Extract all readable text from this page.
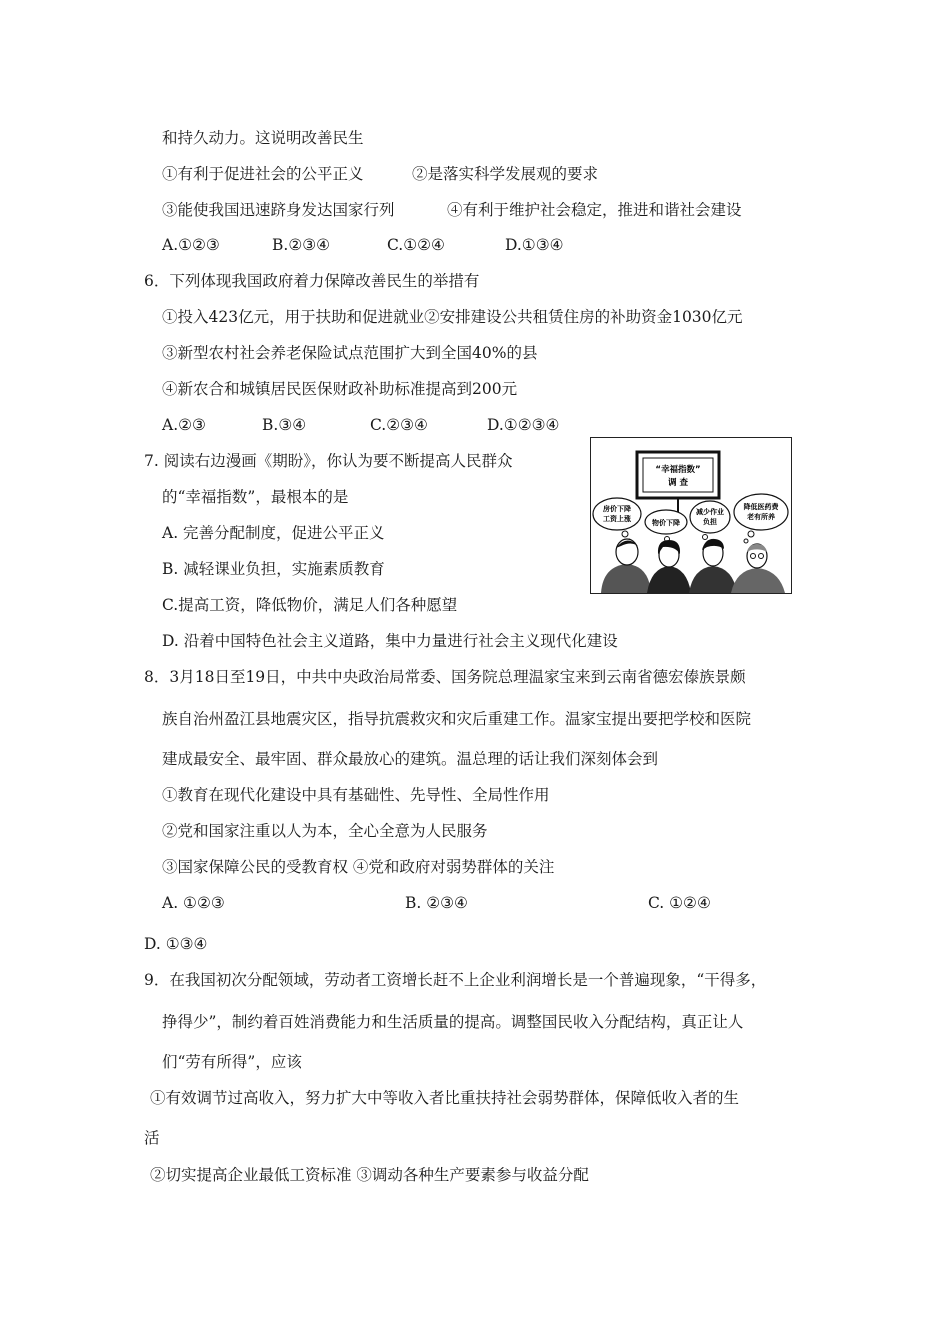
和持久动力。这说明改善民生
①有利于促进社会的公平正义	②是落实科学发展观的要求
③能使我国迅速跻身发达国家行列	④有利于维护社会稳定，推进和谐社会建设
A.①②③	B.②③④	C.①②④	D.①③④
6．下列体现我国政府着力保障改善民生的举措有
①投入423亿元，用于扶助和促进就业②安排建设公共租赁住房的补助资金1030亿元
③新型农村社会养老保险试点范围扩大到全国40%的县
④新农合和城镇居民医保财政补助标准提高到200元
A.②③	B.③④	C.②③④	D.①②③④
7. 阅读右边漫画《期盼》，你认为要不断提高人民群众
的“幸福指数”，最根本的是
A. 完善分配制度，促进公平正义
B. 减轻课业负担，实施素质教育
C.提高工资，降低物价，满足人们各种愿望
D. 沿着中国特色社会主义道路，集中力量进行社会主义现代化建设
“幸福指数”
调 查
房价下降
工资上涨	物价下降
减少作业
负担
降低医药费
老有所养
8．3月18日至19日，中共中央政治局常委、国务院总理温家宝来到云南省德宏傣族景颇
族自治州盈江县地震灾区，指导抗震救灾和灾后重建工作。温家宝提出要把学校和医院
建成最安全、最牢固、群众最放心的建筑。温总理的话让我们深刻体会到
①教育在现代化建设中具有基础性、先导性、全局性作用
②党和国家注重以人为本，全心全意为人民服务
③国家保障公民的受教育权 ④党和政府对弱势群体的关注
A. ①②③	B. ②③④	C. ①②④
D. ①③④
9．在我国初次分配领域，劳动者工资增长赶不上企业利润增长是一个普遍现象，“干得多，
挣得少”，制约着百姓消费能力和生活质量的提高。调整国民收入分配结构，真正让人
们“劳有所得”，应该
①有效调节过高收入，努力扩大中等收入者比重扶持社会弱势群体，保障低收入者的生
活
②切实提高企业最低工资标准 ③调动各种生产要素参与收益分配
